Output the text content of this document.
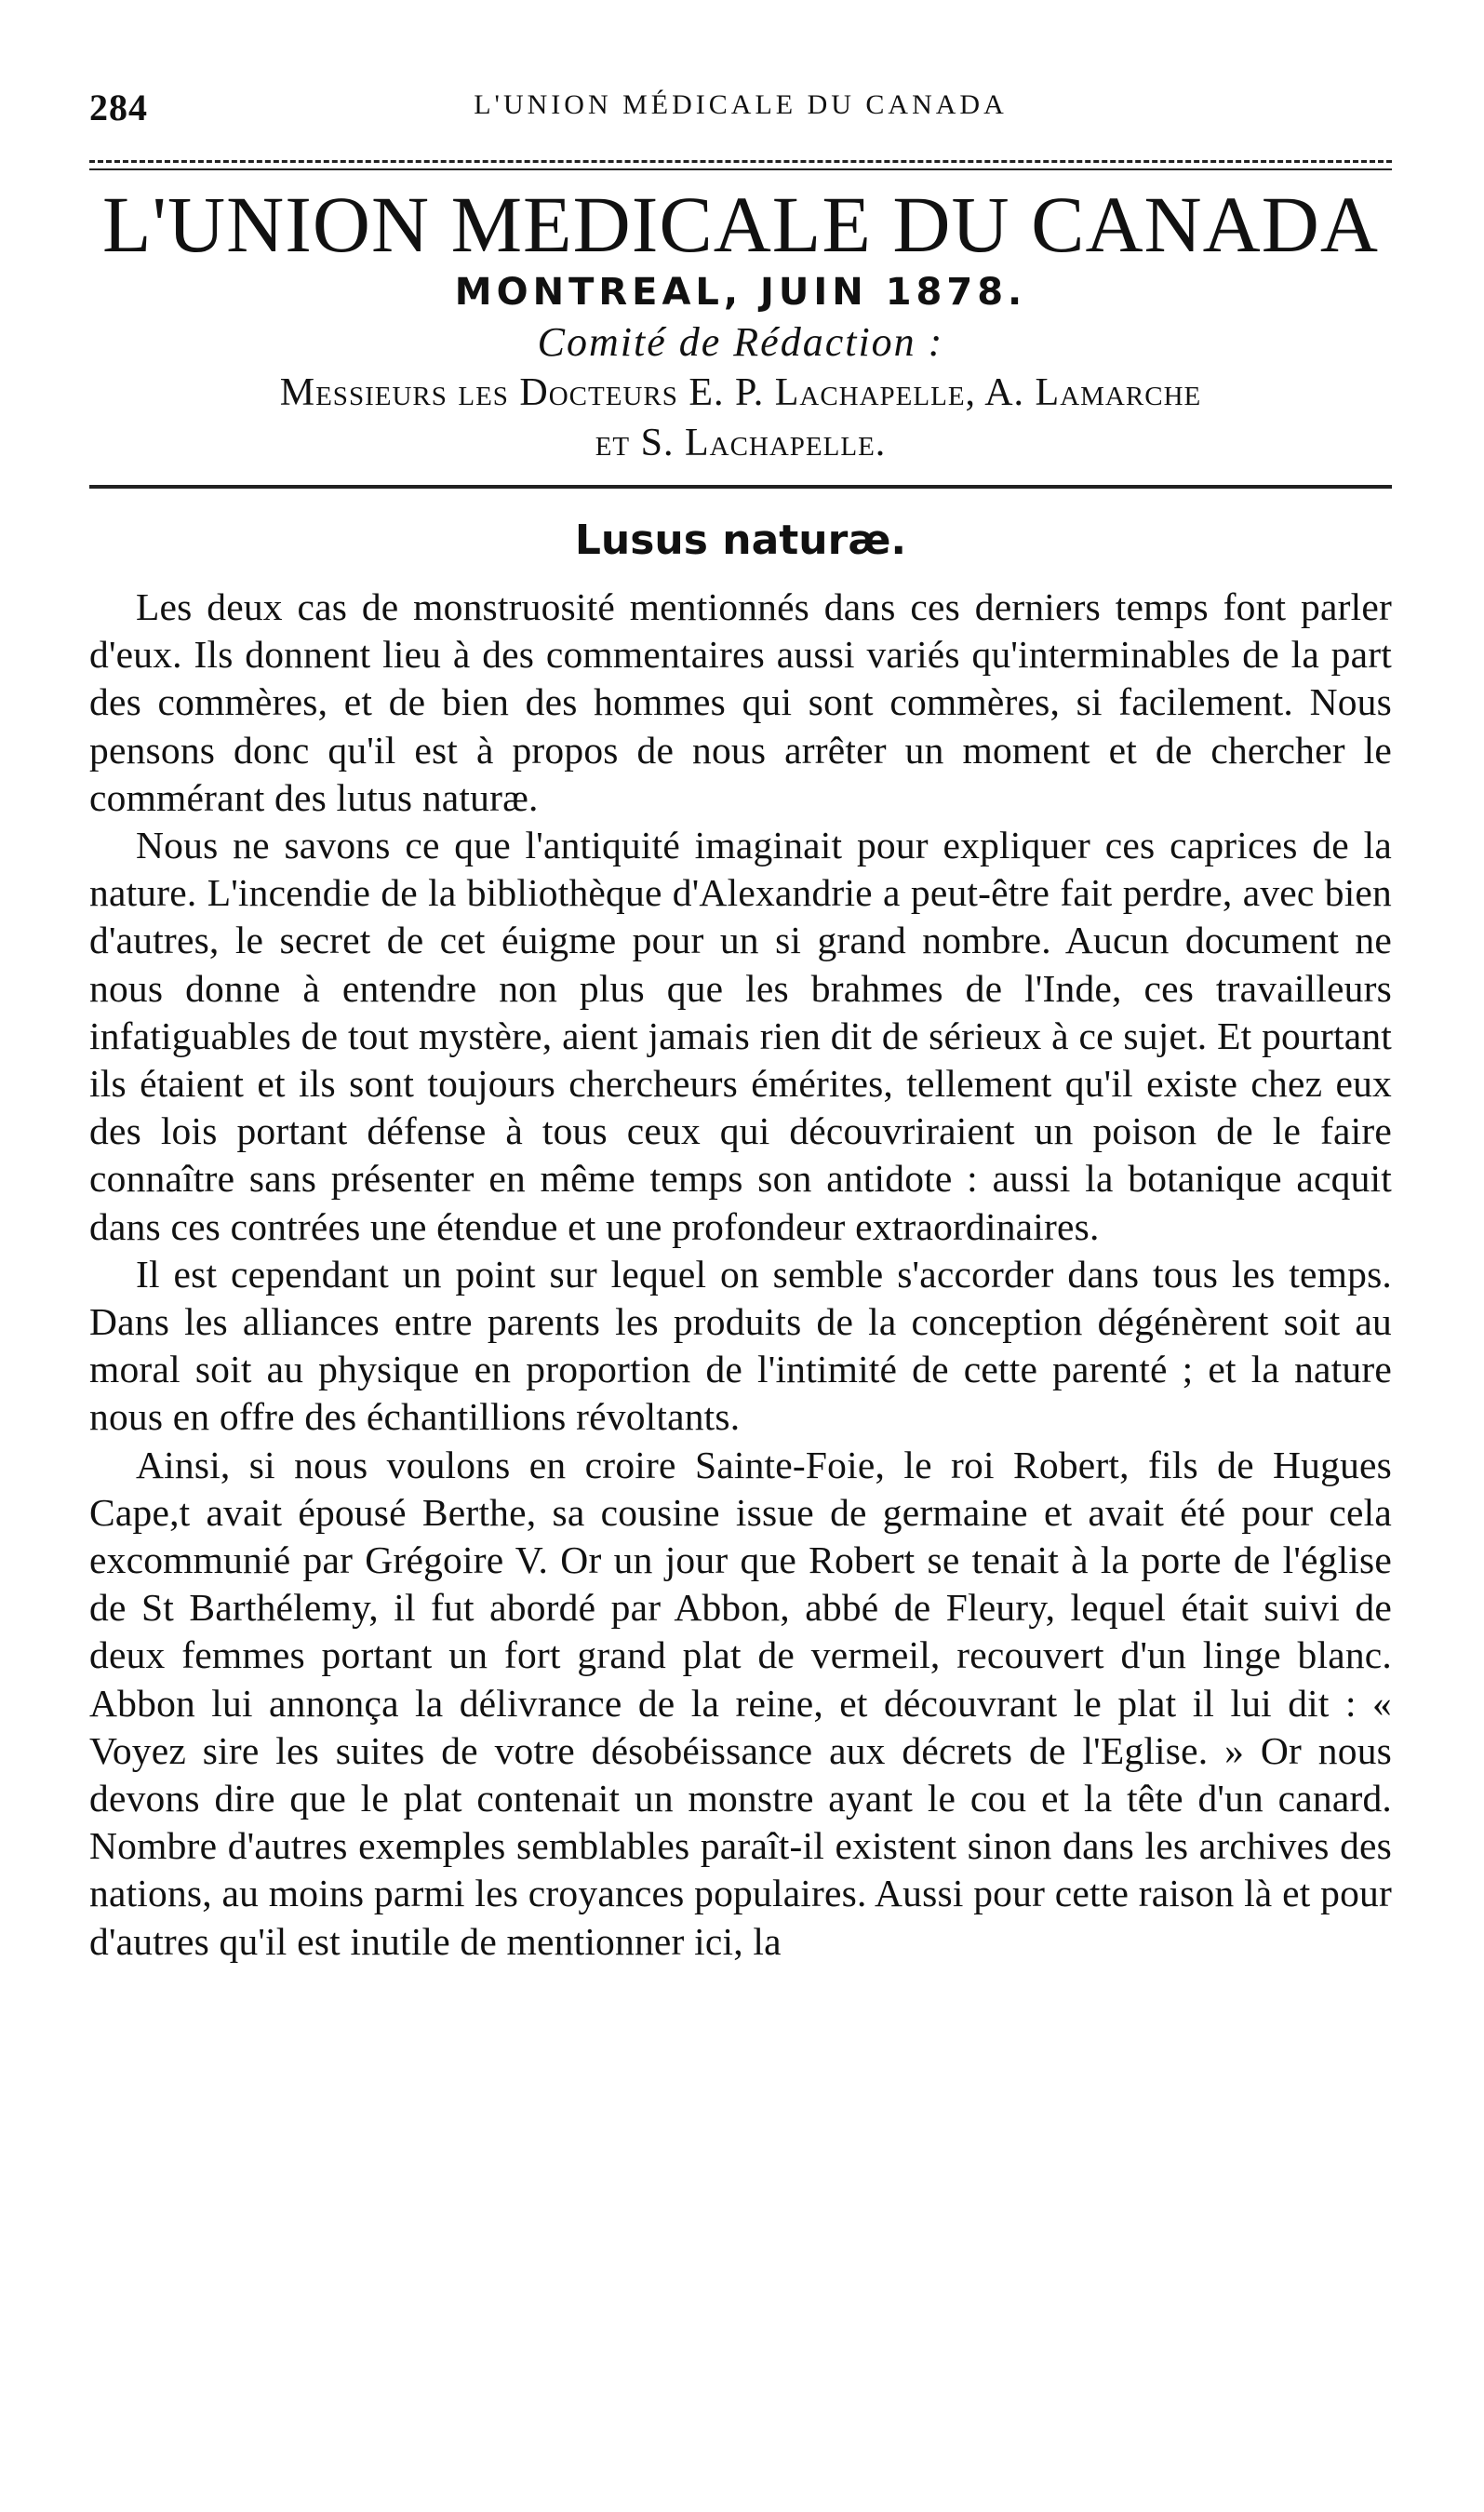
284	L'UNION MÉDICALE DU CANADA
L'UNION MEDICALE DU CANADA
MONTREAL, JUIN 1878.
Comité de Rédaction :
Messieurs les Docteurs E. P. Lachapelle, A. Lamarche
et S. Lachapelle.
Lusus naturæ.

Les deux cas de monstruosité mentionnés dans ces derniers temps font parler d'eux. Ils donnent lieu à des commentaires aussi variés qu'interminables de la part des commères, et de bien des hommes qui sont commères, si facilement. Nous pensons donc qu'il est à propos de nous arrêter un moment et de chercher le commérant des lutus naturæ.

Nous ne savons ce que l'antiquité imaginait pour expliquer ces caprices de la nature. L'incendie de la bibliothèque d'Alexandrie a peut-être fait perdre, avec bien d'autres, le secret de cet éuigme pour un si grand nombre. Aucun document ne nous donne à entendre non plus que les brahmes de l'Inde, ces travailleurs infatiguables de tout mystère, aient jamais rien dit de sérieux à ce sujet. Et pourtant ils étaient et ils sont toujours chercheurs émérites, tellement qu'il existe chez eux des lois portant défense à tous ceux qui découvriraient un poison de le faire connaître sans présenter en même temps son antidote : aussi la botanique acquit dans ces contrées une étendue et une profondeur extraordinaires.

Il est cependant un point sur lequel on semble s'accorder dans tous les temps. Dans les alliances entre parents les produits de la conception dégénèrent soit au moral soit au physique en proportion de l'intimité de cette parenté ; et la nature nous en offre des échantillions révoltants.

Ainsi, si nous voulons en croire Sainte-Foie, le roi Robert, fils de Hugues Cape,t avait épousé Berthe, sa cousine issue de germaine et avait été pour cela excommunié par Grégoire V. Or un jour que Robert se tenait à la porte de l'église de St Barthélemy, il fut abordé par Abbon, abbé de Fleury, lequel était suivi de deux femmes portant un fort grand plat de vermeil, recouvert d'un linge blanc. Abbon lui annonça la délivrance de la reine, et découvrant le plat il lui dit : « Voyez sire les suites de votre désobéissance aux décrets de l'Eglise. » Or nous devons dire que le plat contenait un monstre ayant le cou et la tête d'un canard. Nombre d'autres exemples semblables paraît-il existent sinon dans les archives des nations, au moins parmi les croyances populaires. Aussi pour cette raison là et pour d'autres qu'il est inutile de mentionner ici, la
